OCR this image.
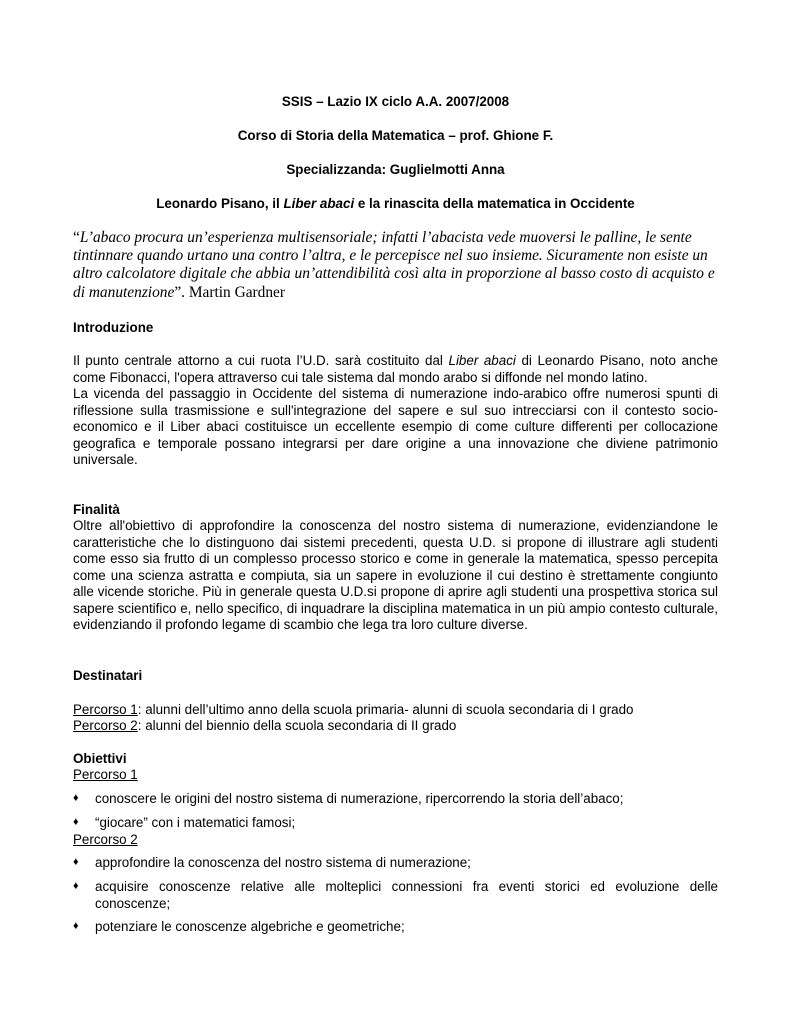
SSIS – Lazio IX ciclo A.A. 2007/2008
Corso di Storia della Matematica – prof. Ghione F.
Specializzanda: Guglielmotti Anna
Leonardo Pisano, il Liber abaci e la rinascita della matematica in Occidente
“L’abaco procura un’esperienza multisensoriale; infatti l’abacista vede muoversi le palline, le sente tintinnare quando urtano una contro l’altra, e le percepisce nel suo insieme. Sicuramente non esiste un altro calcolatore digitale che abbia un’attendibilità così alta in proporzione al basso costo di acquisto e di manutenzione”. Martin Gardner
Introduzione

Il punto centrale attorno a cui ruota l’U.D. sarà costituito dal Liber abaci di Leonardo Pisano, noto anche come Fibonacci, l'opera attraverso cui tale sistema dal mondo arabo si diffonde nel mondo latino.

La vicenda del passaggio in Occidente del sistema di numerazione indo-arabico offre numerosi spunti di riflessione sulla trasmissione e sull'integrazione del sapere e sul suo intrecciarsi con il contesto socio-economico e il Liber abaci costituisce un eccellente esempio di come culture differenti per collocazione geografica e temporale possano integrarsi per dare origine a una innovazione che diviene patrimonio universale.

Finalità
Oltre all'obiettivo di approfondire la conoscenza del nostro sistema di numerazione, evidenziandone le caratteristiche che lo distinguono dai sistemi precedenti, questa U.D. si propone di illustrare agli studenti come esso sia frutto di un complesso processo storico e come in generale la matematica, spesso percepita come una scienza astratta e compiuta, sia un sapere in evoluzione il cui destino è strettamente congiunto alle vicende storiche. Più in generale questa U.D.si propone di aprire agli studenti una prospettiva storica sul sapere scientifico e, nello specifico, di inquadrare la disciplina matematica in un più ampio contesto culturale, evidenziando il profondo legame di scambio che lega tra loro culture diverse.
Destinatari
Percorso 1: alunni dell’ultimo anno della scuola primaria- alunni di scuola secondaria di I grado
Percorso 2: alunni del biennio della scuola secondaria di II grado
Obiettivi
Percorso 1
♦ conoscere le origini del nostro sistema di numerazione, ripercorrendo la storia dell’abaco;
♦ “giocare” con i matematici famosi;
Percorso 2
♦ approfondire la conoscenza del nostro sistema di numerazione;
♦ acquisire conoscenze relative alle molteplici connessioni fra eventi storici ed evoluzione delle conoscenze;
♦ potenziare le conoscenze algebriche e geometriche;
